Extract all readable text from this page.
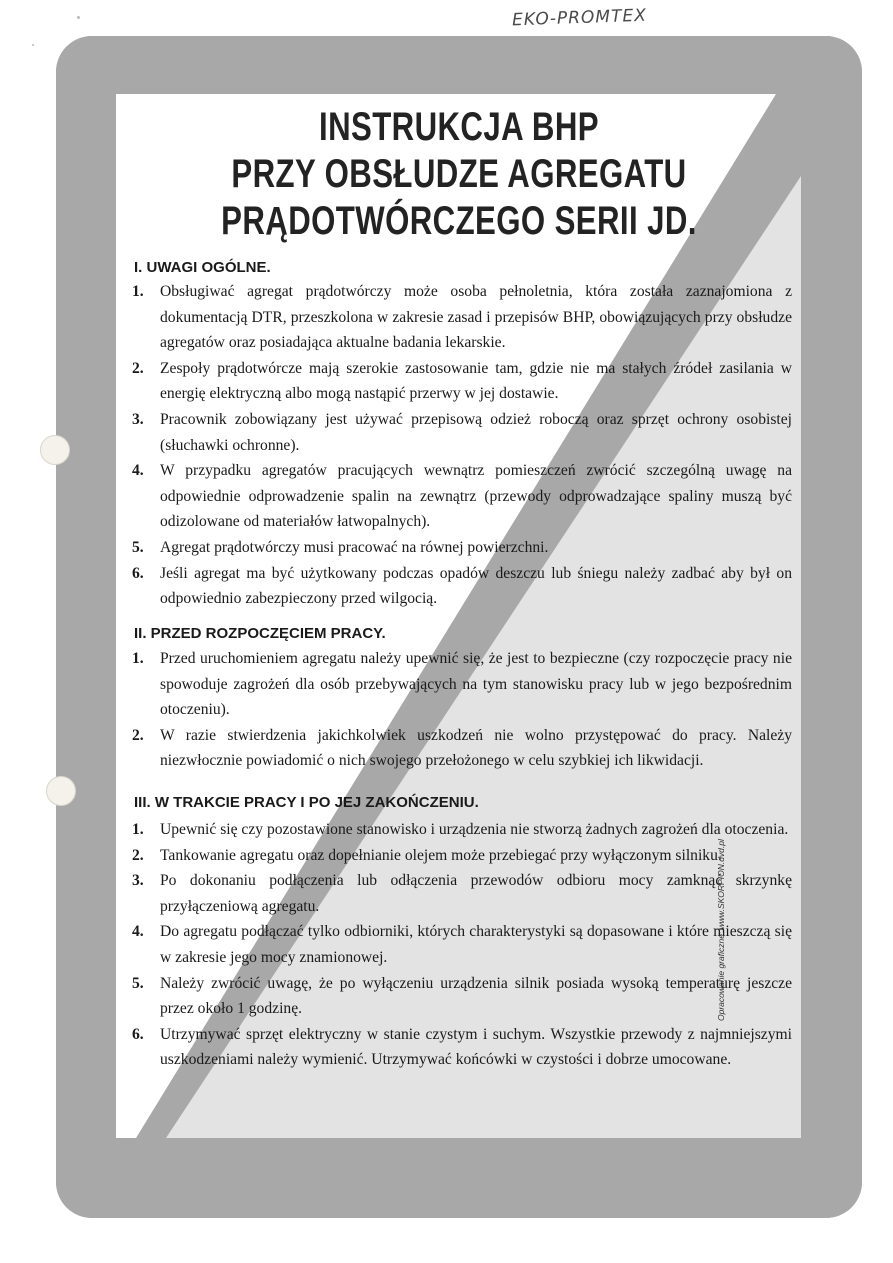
EKO-PROMTEX
INSTRUKCJA BHP
PRZY OBSŁUDZE AGREGATU
PRĄDOTWÓRCZEGO SERII JD.
I. UWAGI OGÓLNE.
1. Obsługiwać agregat prądotwórczy może osoba pełnoletnia, która została zaznajomiona z dokumentacją DTR, przeszkolona w zakresie zasad i przepisów BHP, obowiązujących przy obsłudze agregatów oraz posiadająca aktualne badania lekarskie.
2. Zespoły prądotwórcze mają szerokie zastosowanie tam, gdzie nie ma stałych źródeł zasilania w energię elektryczną albo mogą nastąpić przerwy w jej dostawie.
3. Pracownik zobowiązany jest używać przepisową odzież roboczą oraz sprzęt ochrony osobistej (słuchawki ochronne).
4. W przypadku agregatów pracujących wewnątrz pomieszczeń zwrócić szczególną uwagę na odpowiednie odprowadzenie spalin na zewnątrz (przewody odprowadzające spaliny muszą być odizolowane od materiałów łatwopalnych).
5. Agregat prądotwórczy musi pracować na równej powierzchni.
6. Jeśli agregat ma być użytkowany podczas opadów deszczu lub śniegu należy zadbać aby był on odpowiednio zabezpieczony przed wilgocią.
II. PRZED ROZPOCZĘCIEM PRACY.
1. Przed uruchomieniem agregatu należy upewnić się, że jest to bezpieczne (czy rozpoczęcie pracy nie spowoduje zagrożeń dla osób przebywających na tym stanowisku pracy lub w jego bezpośrednim otoczeniu).
2. W razie stwierdzenia jakichkolwiek uszkodzeń nie wolno przystępować do pracy. Należy niezwłocznie powiadomić o nich swojego przełożonego w celu szybkiej ich likwidacji.
III. W TRAKCIE PRACY I PO JEJ ZAKOŃCZENIU.
1. Upewnić się czy pozostawione stanowisko i urządzenia nie stworzą żadnych zagrożeń dla otoczenia.
2. Tankowanie agregatu oraz dopełnianie olejem może przebiegać przy wyłączonym silniku.
3. Po dokonaniu podłączenia lub odłączenia przewodów odbioru mocy zamknąć skrzynkę przyłączeniową agregatu.
4. Do agregatu podłączać tylko odbiorniki, których charakterystyki są dopasowane i które mieszczą się w zakresie jego mocy znamionowej.
5. Należy zwrócić uwagę, że po wyłączeniu urządzenia silnik posiada wysoką temperaturę jeszcze przez około 1 godzinę.
6. Utrzymywać sprzęt elektryczny w stanie czystym i suchym. Wszystkie przewody z najmniejszymi uszkodzeniami należy wymienić. Utrzymywać końcówki w czystości i dobrze umocowane.
Opracowanie graficzne: www.SKORPION.dvd.pl
